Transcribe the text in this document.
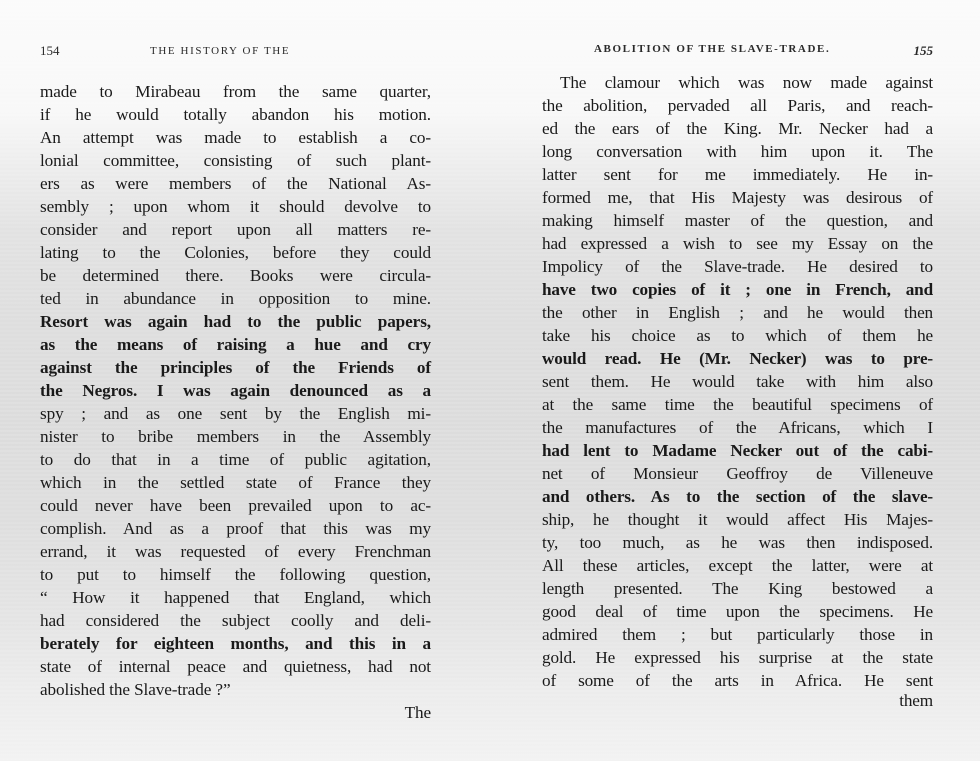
154	THE HISTORY OF THE
made to Mirabeau from the same quarter,
if he would totally abandon his motion.
An attempt was made to establish a co-
lonial committee, consisting of such plant-
ers as were members of the National As-
sembly ; upon whom it should devolve to
consider and report upon all matters re-
lating to the Colonies, before they could
be determined there. Books were circula-
ted in abundance in opposition to mine.
Resort was again had to the public papers,
as the means of raising a hue and cry
against the principles of the Friends of
the Negros. I was again denounced as a
spy ; and as one sent by the English mi-
nister to bribe members in the Assembly
to do that in a time of public agitation,
which in the settled state of France they
could never have been prevailed upon to ac-
complish. And as a proof that this was my
errand, it was requested of every Frenchman
to put to himself the following question,
“ How it happened that England, which
had considered the subject coolly and deli-
berately for eighteen months, and this in a
state of internal peace and quietness, had not
abolished the Slave-trade ?”
The
ABOLITION OF THE SLAVE-TRADE.	155
The clamour which was now made against
the abolition, pervaded all Paris, and reach-
ed the ears of the King. Mr. Necker had a
long conversation with him upon it. The
latter sent for me immediately. He in-
formed me, that His Majesty was desirous of
making himself master of the question, and
had expressed a wish to see my Essay on the
Impolicy of the Slave-trade. He desired to
have two copies of it ; one in French, and
the other in English ; and he would then
take his choice as to which of them he
would read. He (Mr. Necker) was to pre-
sent them. He would take with him also
at the same time the beautiful specimens of
the manufactures of the Africans, which I
had lent to Madame Necker out of the cabi-
net of Monsieur Geoffroy de Villeneuve
and others. As to the section of the slave-
ship, he thought it would affect His Majes-
ty, too much, as he was then indisposed.
All these articles, except the latter, were at
length presented. The King bestowed a
good deal of time upon the specimens. He
admired them ; but particularly those in
gold. He expressed his surprise at the state
of some of the arts in Africa. He sent
them
